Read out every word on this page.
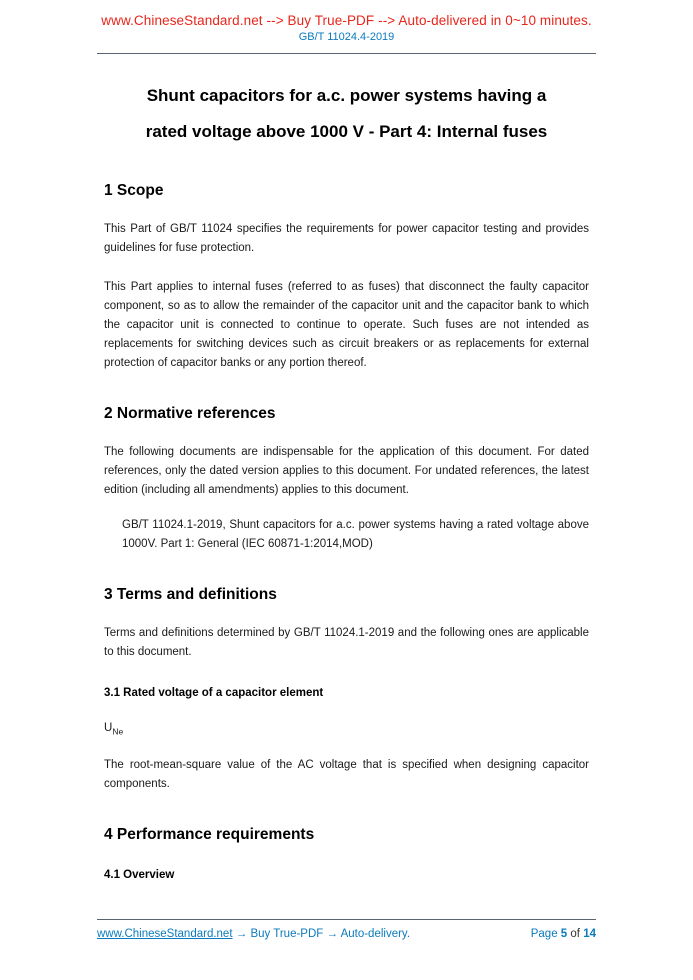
www.ChineseStandard.net --> Buy True-PDF --> Auto-delivered in 0~10 minutes.
GB/T 11024.4-2019
Shunt capacitors for a.c. power systems having a
rated voltage above 1000 V - Part 4: Internal fuses
1 Scope

This Part of GB/T 11024 specifies the requirements for power capacitor testing and provides guidelines for fuse protection.

This Part applies to internal fuses (referred to as fuses) that disconnect the faulty capacitor component, so as to allow the remainder of the capacitor unit and the capacitor bank to which the capacitor unit is connected to continue to operate. Such fuses are not intended as replacements for switching devices such as circuit breakers or as replacements for external protection of capacitor banks or any portion thereof.

2 Normative references

The following documents are indispensable for the application of this document. For dated references, only the dated version applies to this document. For undated references, the latest edition (including all amendments) applies to this document.

GB/T 11024.1-2019, Shunt capacitors for a.c. power systems having a rated voltage above 1000V. Part 1: General (IEC 60871-1:2014,MOD)

3 Terms and definitions

Terms and definitions determined by GB/T 11024.1-2019 and the following ones are applicable to this document.

3.1 Rated voltage of a capacitor element
$U_{Ne}$

The root-mean-square value of the AC voltage that is specified when designing capacitor components.

4 Performance requirements
4.1 Overview
www.ChineseStandard.net → Buy True-PDF → Auto-delivery.	Page 5 of 14
